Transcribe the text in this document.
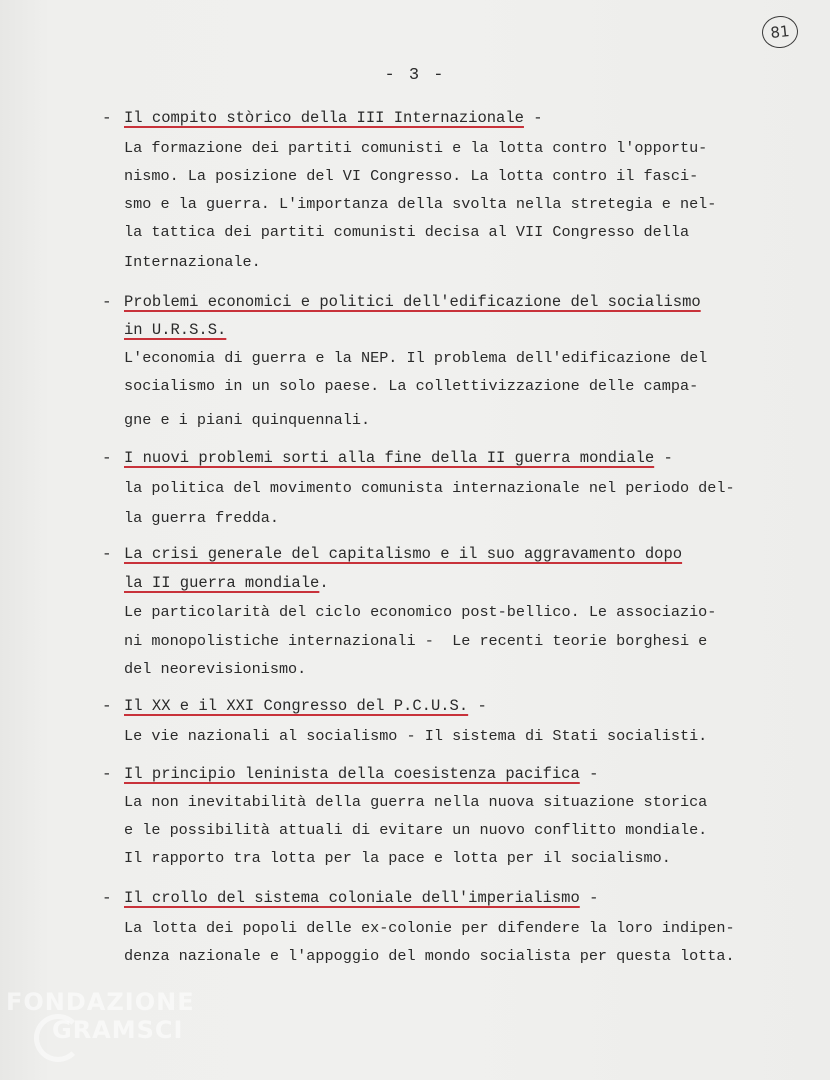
81
- 3 -
- Il compito stòrico della III Internazionale -
La formazione dei partiti comunisti e la lotta contro l'opportu-
nismo. La posizione del VI Congresso. La lotta contro il fasci-
smo e la guerra. L'importanza della svolta nella stretegia e nel-
la tattica dei partiti comunisti decisa al VII Congresso della
Internazionale.
- Problemi economici e politici dell'edificazione del socialismo
in U.R.S.S.
L'economia di guerra e la NEP. Il problema dell'edificazione del
socialismo in un solo paese. La collettivizzazione delle campa-
gne e i piani quinquennali.
- I nuovi problemi sorti alla fine della II guerra mondiale -
la politica del movimento comunista internazionale nel periodo del-
la guerra fredda.
- La crisi generale del capitalismo e il suo aggravamento dopo
la II guerra mondiale.
Le particolarità del ciclo economico post-bellico. Le associazio-
ni monopolistiche internazionali -  Le recenti teorie borghesi e
del neorevisionismo.
- Il XX e il XXI Congresso del P.C.U.S. -
Le vie nazionali al socialismo - Il sistema di Stati socialisti.
- Il principio leninista della coesistenza pacifica -
La non inevitabilità della guerra nella nuova situazione storica
e le possibilità attuali di evitare un nuovo conflitto mondiale.
Il rapporto tra lotta per la pace e lotta per il socialismo.
- Il crollo del sistema coloniale dell'imperialismo -
La lotta dei popoli delle ex-colonie per difendere la loro indipen-
denza nazionale e l'appoggio del mondo socialista per questa lotta.
FONDAZIONE
GRAMSCI
